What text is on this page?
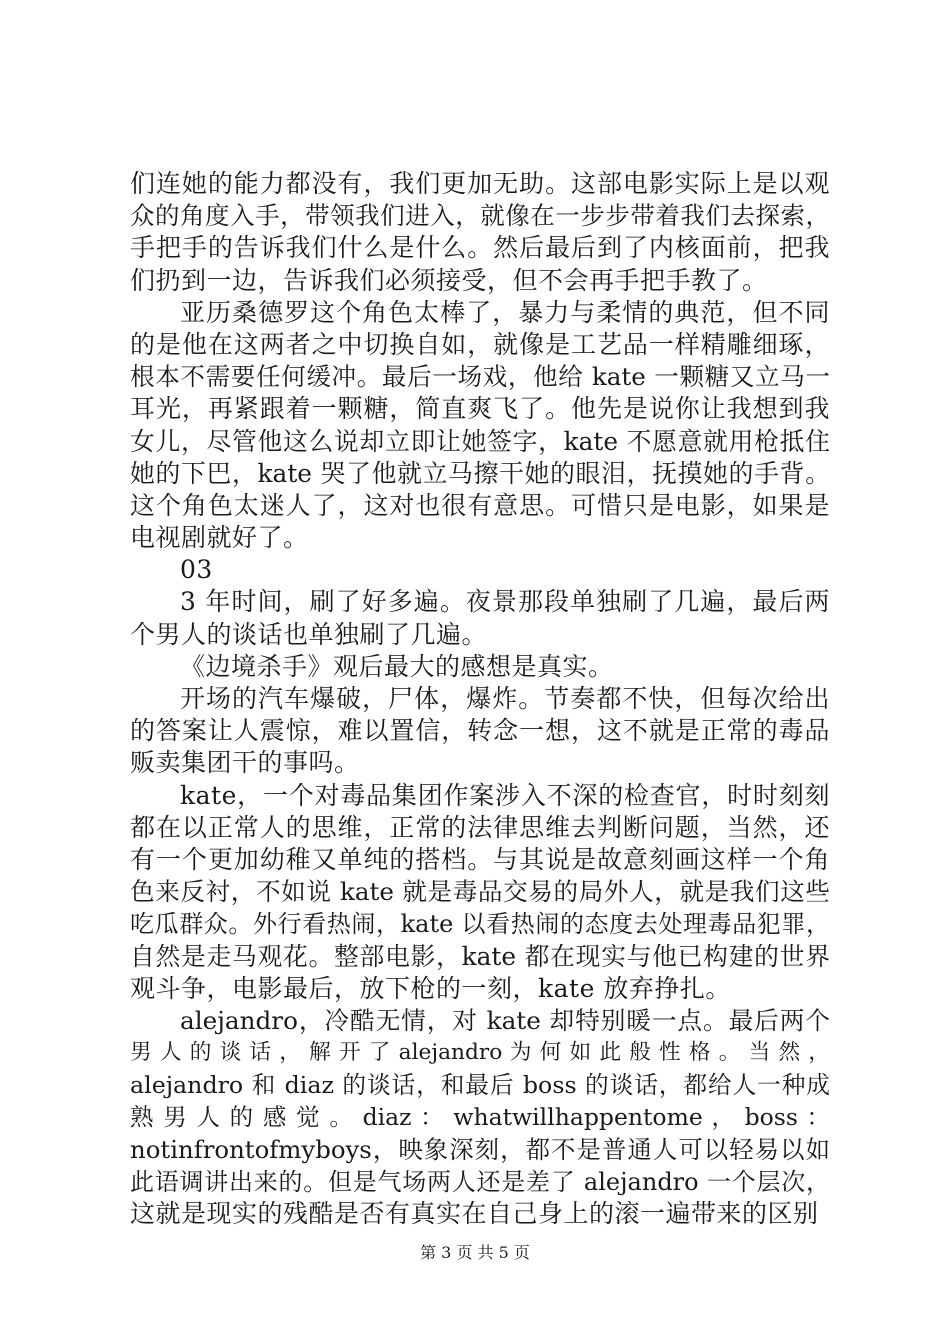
们连她的能力都没有，我们更加无助。这部电影实际上是以观
众的角度入手，带领我们进入，就像在一步步带着我们去探索，
手把手的告诉我们什么是什么。然后最后到了内核面前，把我
们扔到一边，告诉我们必须接受，但不会再手把手教了。
亚历桑德罗这个角色太棒了，暴力与柔情的典范，但不同
的是他在这两者之中切换自如，就像是工艺品一样精雕细琢，
根本不需要任何缓冲。最后一场戏，他给 kate 一颗糖又立马一
耳光，再紧跟着一颗糖，简直爽飞了。他先是说你让我想到我
女儿，尽管他这么说却立即让她签字，kate 不愿意就用枪抵住
她的下巴，kate 哭了他就立马擦干她的眼泪，抚摸她的手背。
这个角色太迷人了，这对也很有意思。可惜只是电影，如果是
电视剧就好了。
03
3 年时间，刷了好多遍。夜景那段单独刷了几遍，最后两
个男人的谈话也单独刷了几遍。
《边境杀手》观后最大的感想是真实。
开场的汽车爆破，尸体，爆炸。节奏都不快，但每次给出
的答案让人震惊，难以置信，转念一想，这不就是正常的毒品
贩卖集团干的事吗。
kate，一个对毒品集团作案涉入不深的检查官，时时刻刻
都在以正常人的思维，正常的法律思维去判断问题，当然，还
有一个更加幼稚又单纯的搭档。与其说是故意刻画这样一个角
色来反衬，不如说 kate 就是毒品交易的局外人，就是我们这些
吃瓜群众。外行看热闹，kate 以看热闹的态度去处理毒品犯罪，
自然是走马观花。整部电影，kate 都在现实与他已构建的世界
观斗争，电影最后，放下枪的一刻，kate 放弃挣扎。
alejandro，冷酷无情，对 kate 却特别暖一点。最后两个
男 人 的 谈 话 ， 解 开 了 alejandro 为 何 如 此 般 性 格 。 当 然 ，
alejandro 和 diaz 的谈话，和最后 boss 的谈话，都给人一种成
熟 男 人 的 感 觉 。 diaz ： whatwillhappentome ， boss ：
notinfrontofmyboys，映象深刻，都不是普通人可以轻易以如
此语调讲出来的。但是气场两人还是差了 alejandro 一个层次，
这就是现实的残酷是否有真实在自己身上的滚一遍带来的区别
第 3 页 共 5 页
